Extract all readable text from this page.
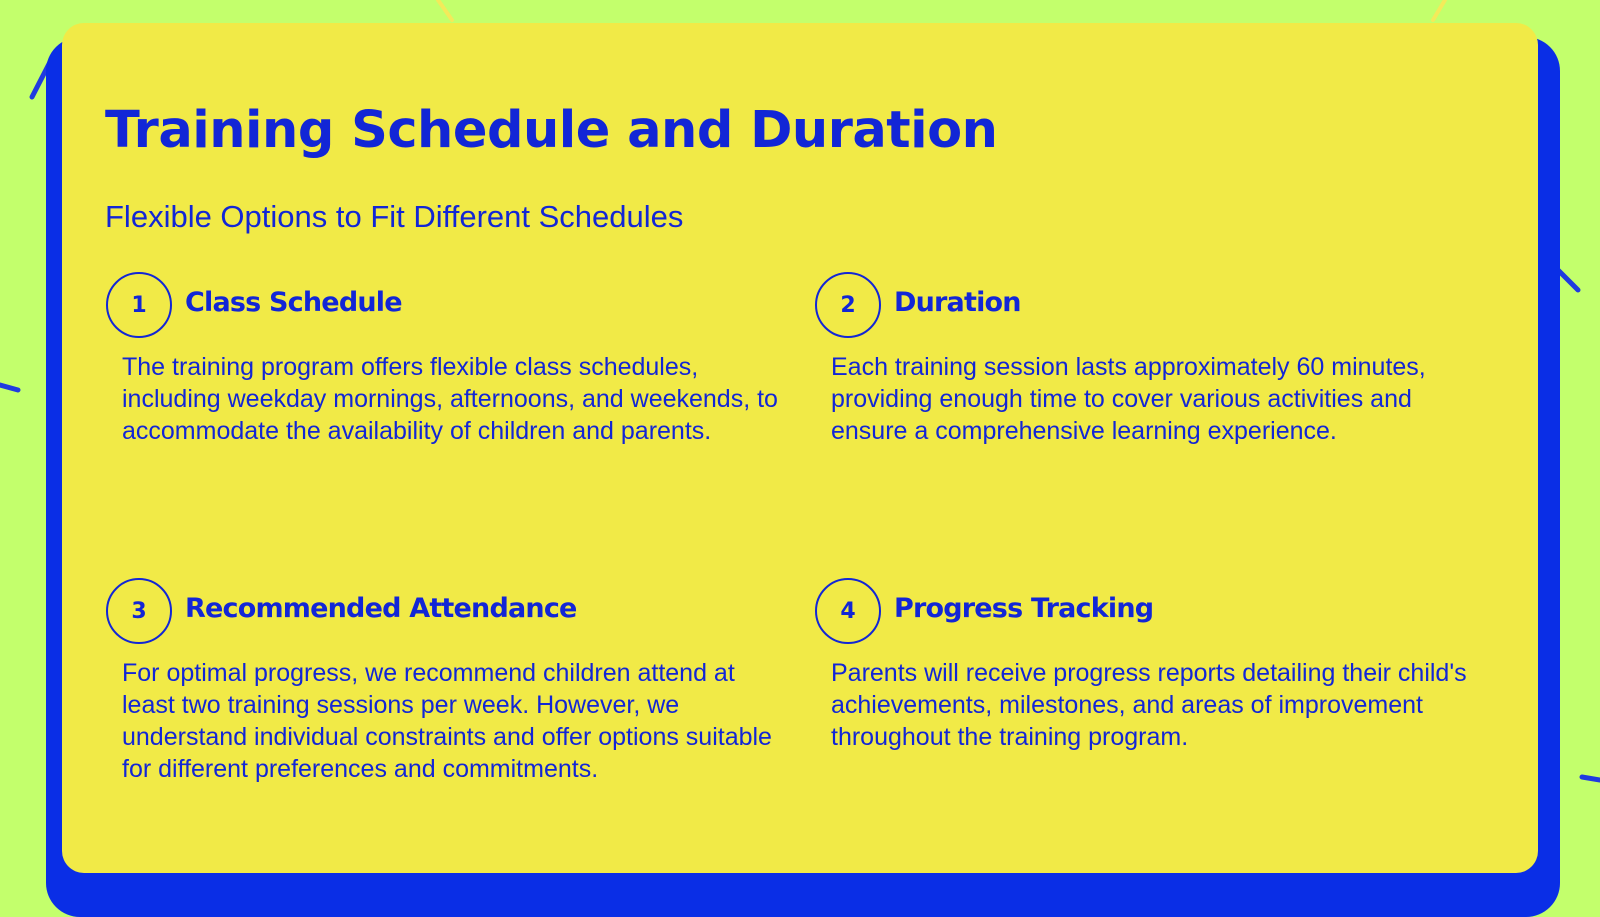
Training Schedule and Duration
Flexible Options to Fit Different Schedules
1	Class Schedule
The training program offers flexible class schedules, including weekday mornings, afternoons, and weekends, to accommodate the availability of children and parents.
2	Duration
Each training session lasts approximately 60 minutes, providing enough time to cover various activities and ensure a comprehensive learning experience.
3	Recommended Attendance
For optimal progress, we recommend children attend at least two training sessions per week. However, we understand individual constraints and offer options suitable for different preferences and commitments.
4	Progress Tracking
Parents will receive progress reports detailing their child's achievements, milestones, and areas of improvement throughout the training program.
